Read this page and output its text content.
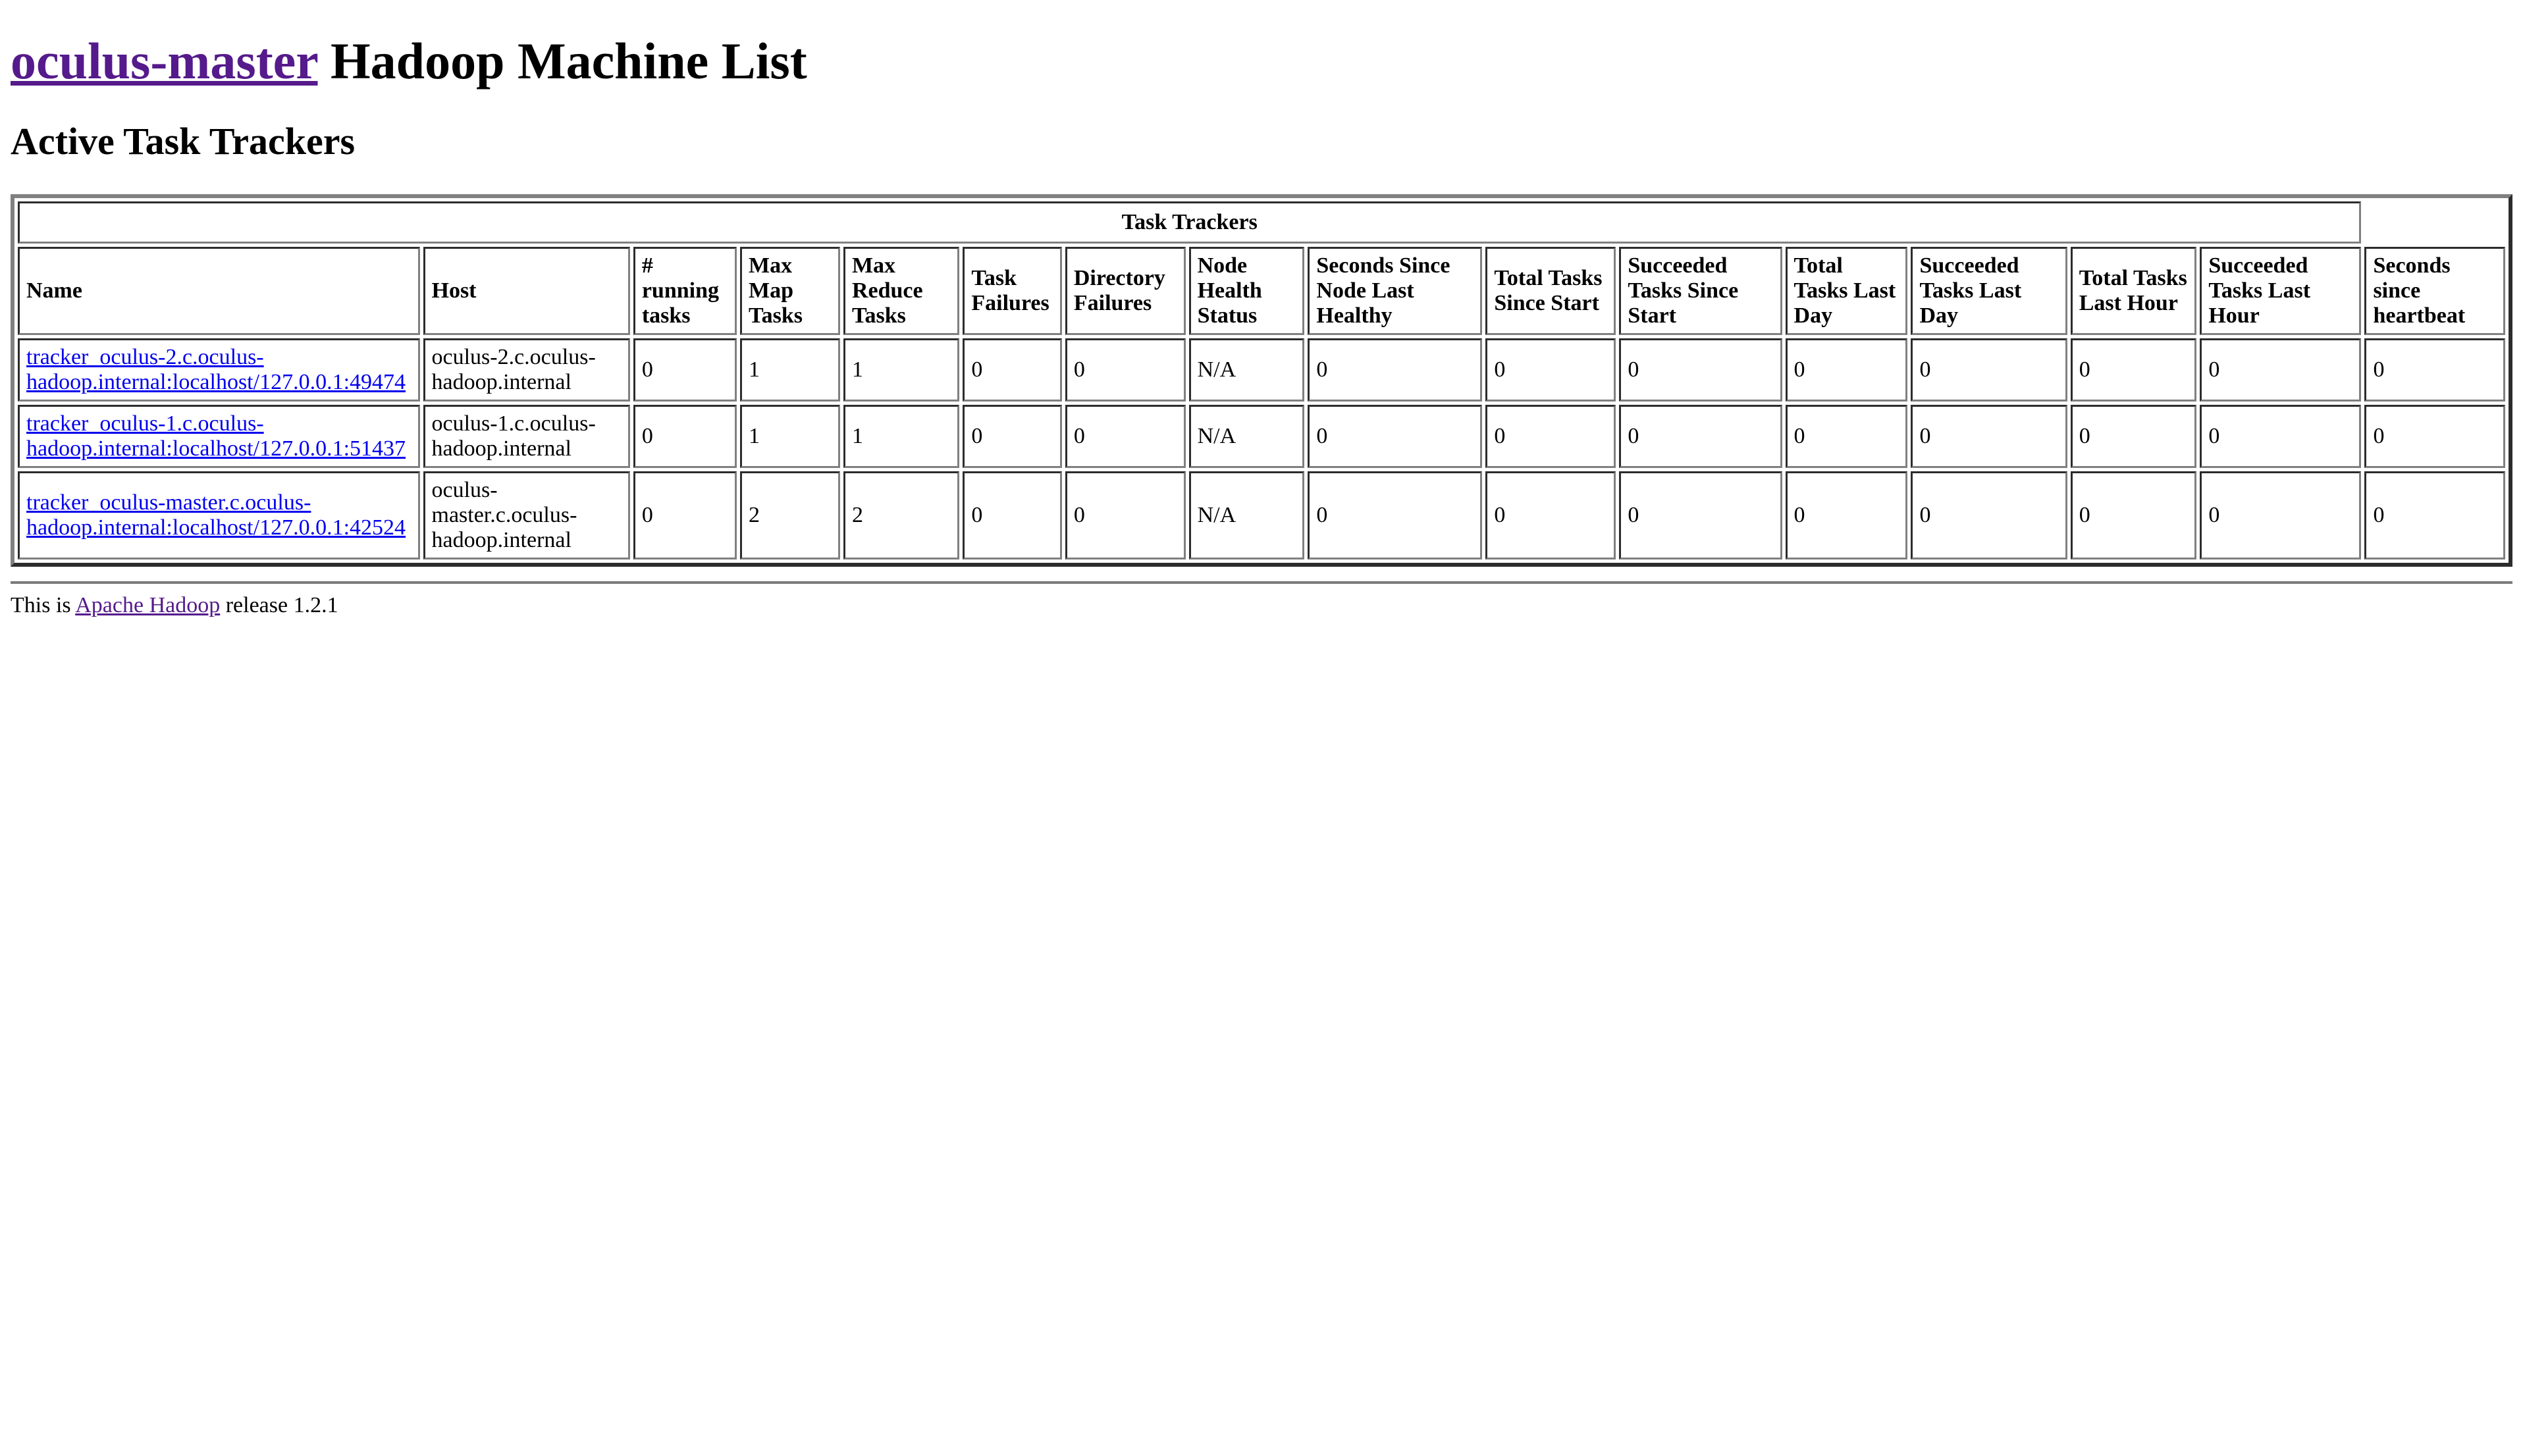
oculus-master Hadoop Machine List
Active Task Trackers
Task Trackers															
Name	Host	# running tasks	Max Map Tasks	Max Reduce Tasks	Task Failures	Directory Failures	Node Health Status	Seconds Since Node Last Healthy	Total Tasks Since Start	Succeeded Tasks Since Start	Total Tasks Last Day	Succeeded Tasks Last Day	Total Tasks Last Hour	Succeeded Tasks Last Hour	Seconds since heartbeat
tracker_oculus-2.c.oculus-hadoop.internal:localhost/127.0.0.1:49474	oculus-2.c.oculus-hadoop.internal	0	1	1	0	0	N/A	0	0	0	0	0	0	0	0
tracker_oculus-1.c.oculus-hadoop.internal:localhost/127.0.0.1:51437	oculus-1.c.oculus-hadoop.internal	0	1	1	0	0	N/A	0	0	0	0	0	0	0	0
tracker_oculus-master.c.oculus-hadoop.internal:localhost/127.0.0.1:42524	oculus-master.c.oculus-hadoop.internal	0	2	2	0	0	N/A	0	0	0	0	0	0	0	0
This is Apache Hadoop release 1.2.1
